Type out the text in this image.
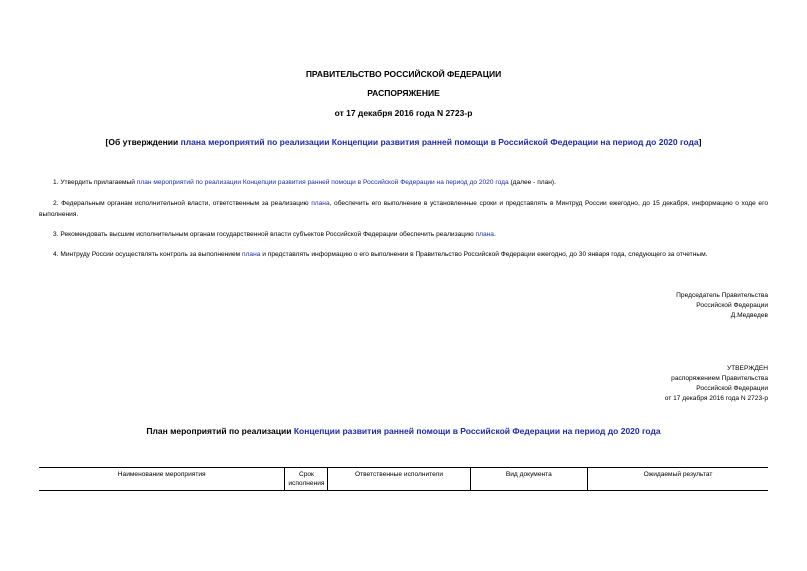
ПРАВИТЕЛЬСТВО РОССИЙСКОЙ ФЕДЕРАЦИИ
РАСПОРЯЖЕНИЕ
от 17 декабря 2016 года N 2723-р
[Об утверждении плана мероприятий по реализации Концепции развития ранней помощи в Российской Федерации на период до 2020 года]
1. Утвердить прилагаемый план мероприятий по реализации Концепции развития ранней помощи в Российской Федерации на период до 2020 года (далее - план).
2. Федеральным органам исполнительной власти, ответственным за реализацию плана, обеспечить его выполнение в установленные сроки и представлять в Минтруд России ежегодно, до 15 декабря, информацию о ходе его выполнения.
3. Рекомендовать высшим исполнительным органам государственной власти субъектов Российской Федерации обеспечить реализацию плана.
4. Минтруду России осуществлять контроль за выполнением плана и представлять информацию о его выполнении в Правительство Российской Федерации ежегодно, до 30 января года, следующего за отчетным.
Председатель Правительства
Российской Федерации
Д.Медведев
УТВЕРЖДЕН
распоряжением Правительства
Российской Федерации
от 17 декабря 2016 года N 2723-р
План мероприятий по реализации Концепции развития ранней помощи в Российской Федерации на период до 2020 года
Наименование мероприятия	Срок исполнения	Ответственные исполнители	Вид документа	Ожидаемый результат
